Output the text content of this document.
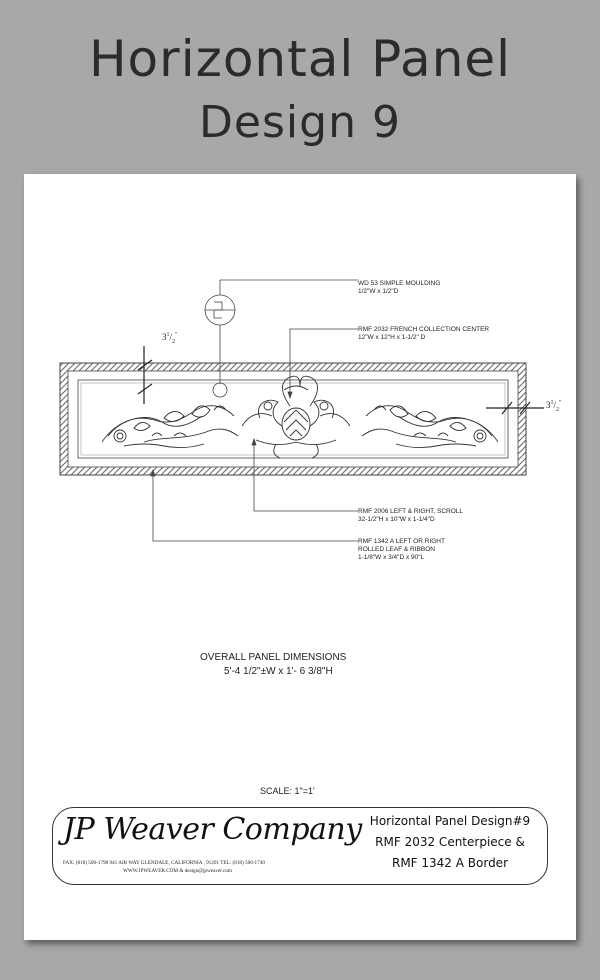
Horizontal Panel
Design 9
WD 53 SIMPLE MOULDING
1/2"W x 1/2"D
RMF 2032 FRENCH COLLECTION CENTER
12"W x 12"H x 1-1/2" D
RMF 2006 LEFT & RIGHT, SCROLL
32-1/2"H x 10"W x 1-1/4"D
RMF 1342 A LEFT OR RIGHT
ROLLED LEAF & RIBBON
1-1/8"W x 3/4"D x 90"L
$3^1/_2^"$
$3^1/_2^"$
OVERALL PANEL DIMENSIONS
5'-4 1/2"±W x 1'- 6 3/8"H
SCALE: 1"=1'
JP Weaver Company
FAX: (818) 500-1798 941 AIR WAY GLENDALE, CALIFORNIA , 91201 TEL: (818) 500-1740
WWW.JPWEAVER.COM & design@jpweaver.com
Horizontal Panel Design#9
RMF 2032 Centerpiece &
RMF 1342 A Border
